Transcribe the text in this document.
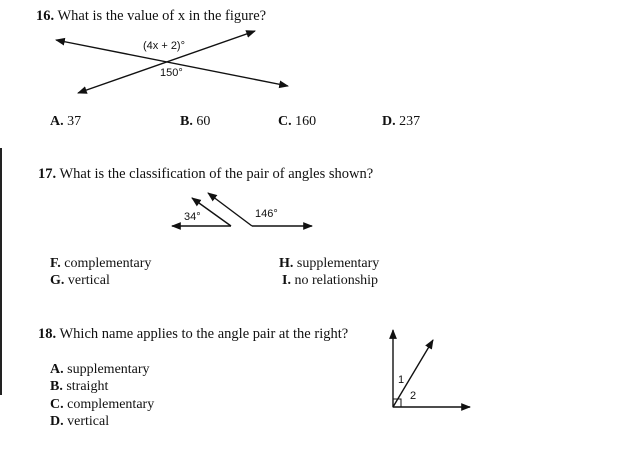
16. What is the value of x in the figure?
(4x + 2)°
150°
A. 37	B. 60	C. 160	D. 237
17. What is the classification of the pair of angles shown?
34°	146°
F. complementary
G. vertical
H. supplementary
I. no relationship
18. Which name applies to the angle pair at the right?
1
2
A. supplementary
B. straight
C. complementary
D. vertical
